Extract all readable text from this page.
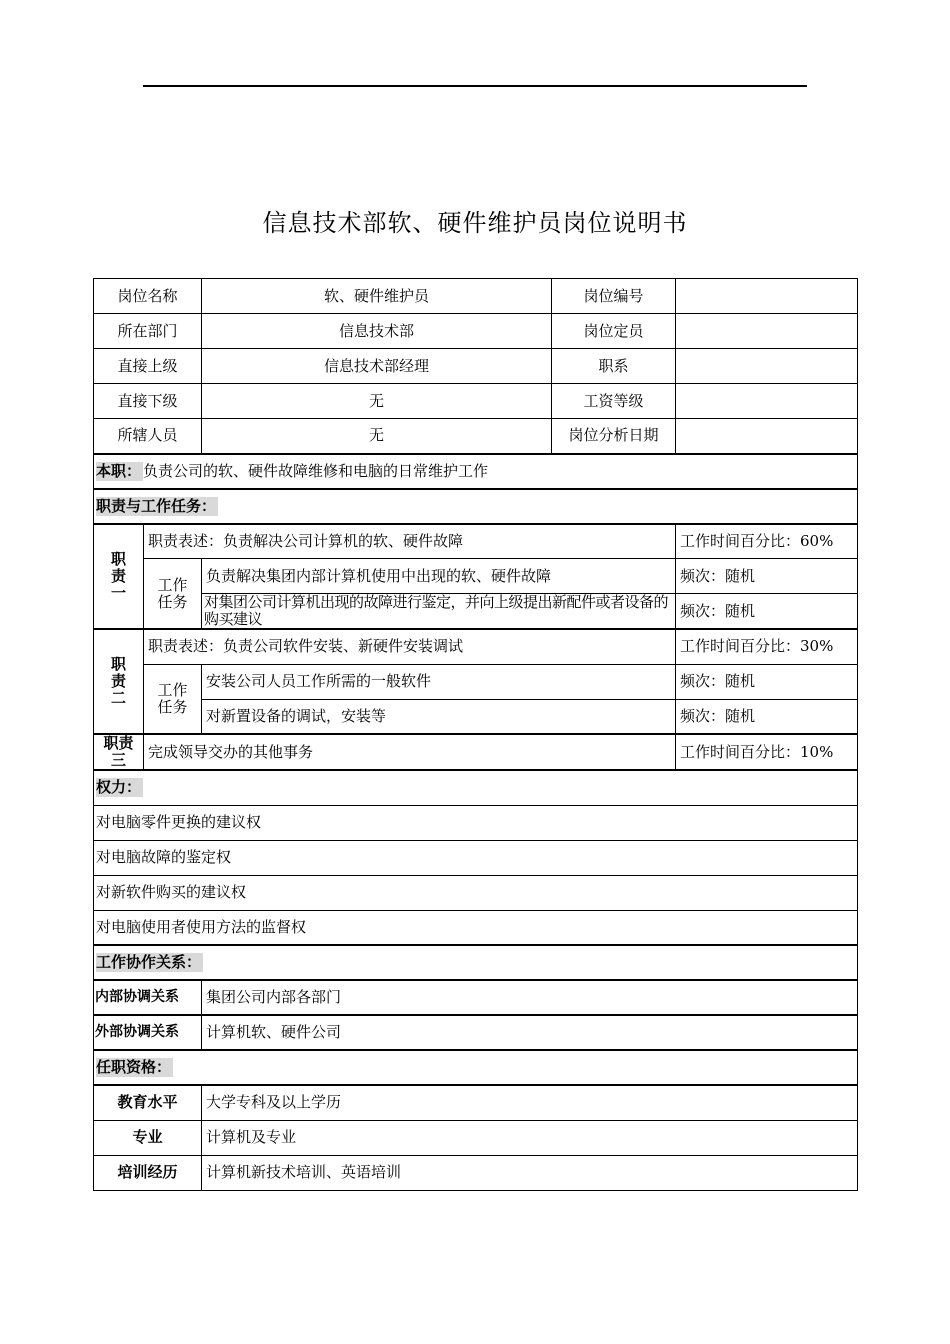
信息技术部软、硬件维护员岗位说明书
岗位名称		软、硬件维护员	岗位编号	
所在部门		信息技术部	岗位定员	
直接上级		信息技术部经理	职系	
直接下级		无	工资等级	
所辖人员		无	岗位分析日期	
本职： 负责公司的软、硬件故障维修和电脑的日常维护工作				
职责与工作任务：				

职
责
一	职责表述：负责解决公司计算机的软、硬件故障			工作时间百分比：60%

	工作
任务	负责解决集团内部计算机使用中出现的软、硬件故障		频次：随机
		对集团公司计算机出现的故障进行鉴定，并向上级提出新配件或者设备的购买建议		频次：随机

职
责
二	职责表述：负责公司软件安装、新硬件安装调试			工作时间百分比：30%

	工作
任务	安装公司人员工作所需的一般软件		频次：随机
		对新置设备的调试，安装等		频次：随机

职责
三	完成领导交办的其他事务			工作时间百分比：10%
权力：				
对电脑零件更换的建议权				
对电脑故障的鉴定权				
对新软件购买的建议权				
对电脑使用者使用方法的监督权				
工作协作关系：				
内部协调关系		集团公司内部各部门		
外部协调关系		计算机软、硬件公司		
任职资格：				
教育水平		大学专科及以上学历		
专业		计算机及专业		
培训经历		计算机新技术培训、英语培训		
